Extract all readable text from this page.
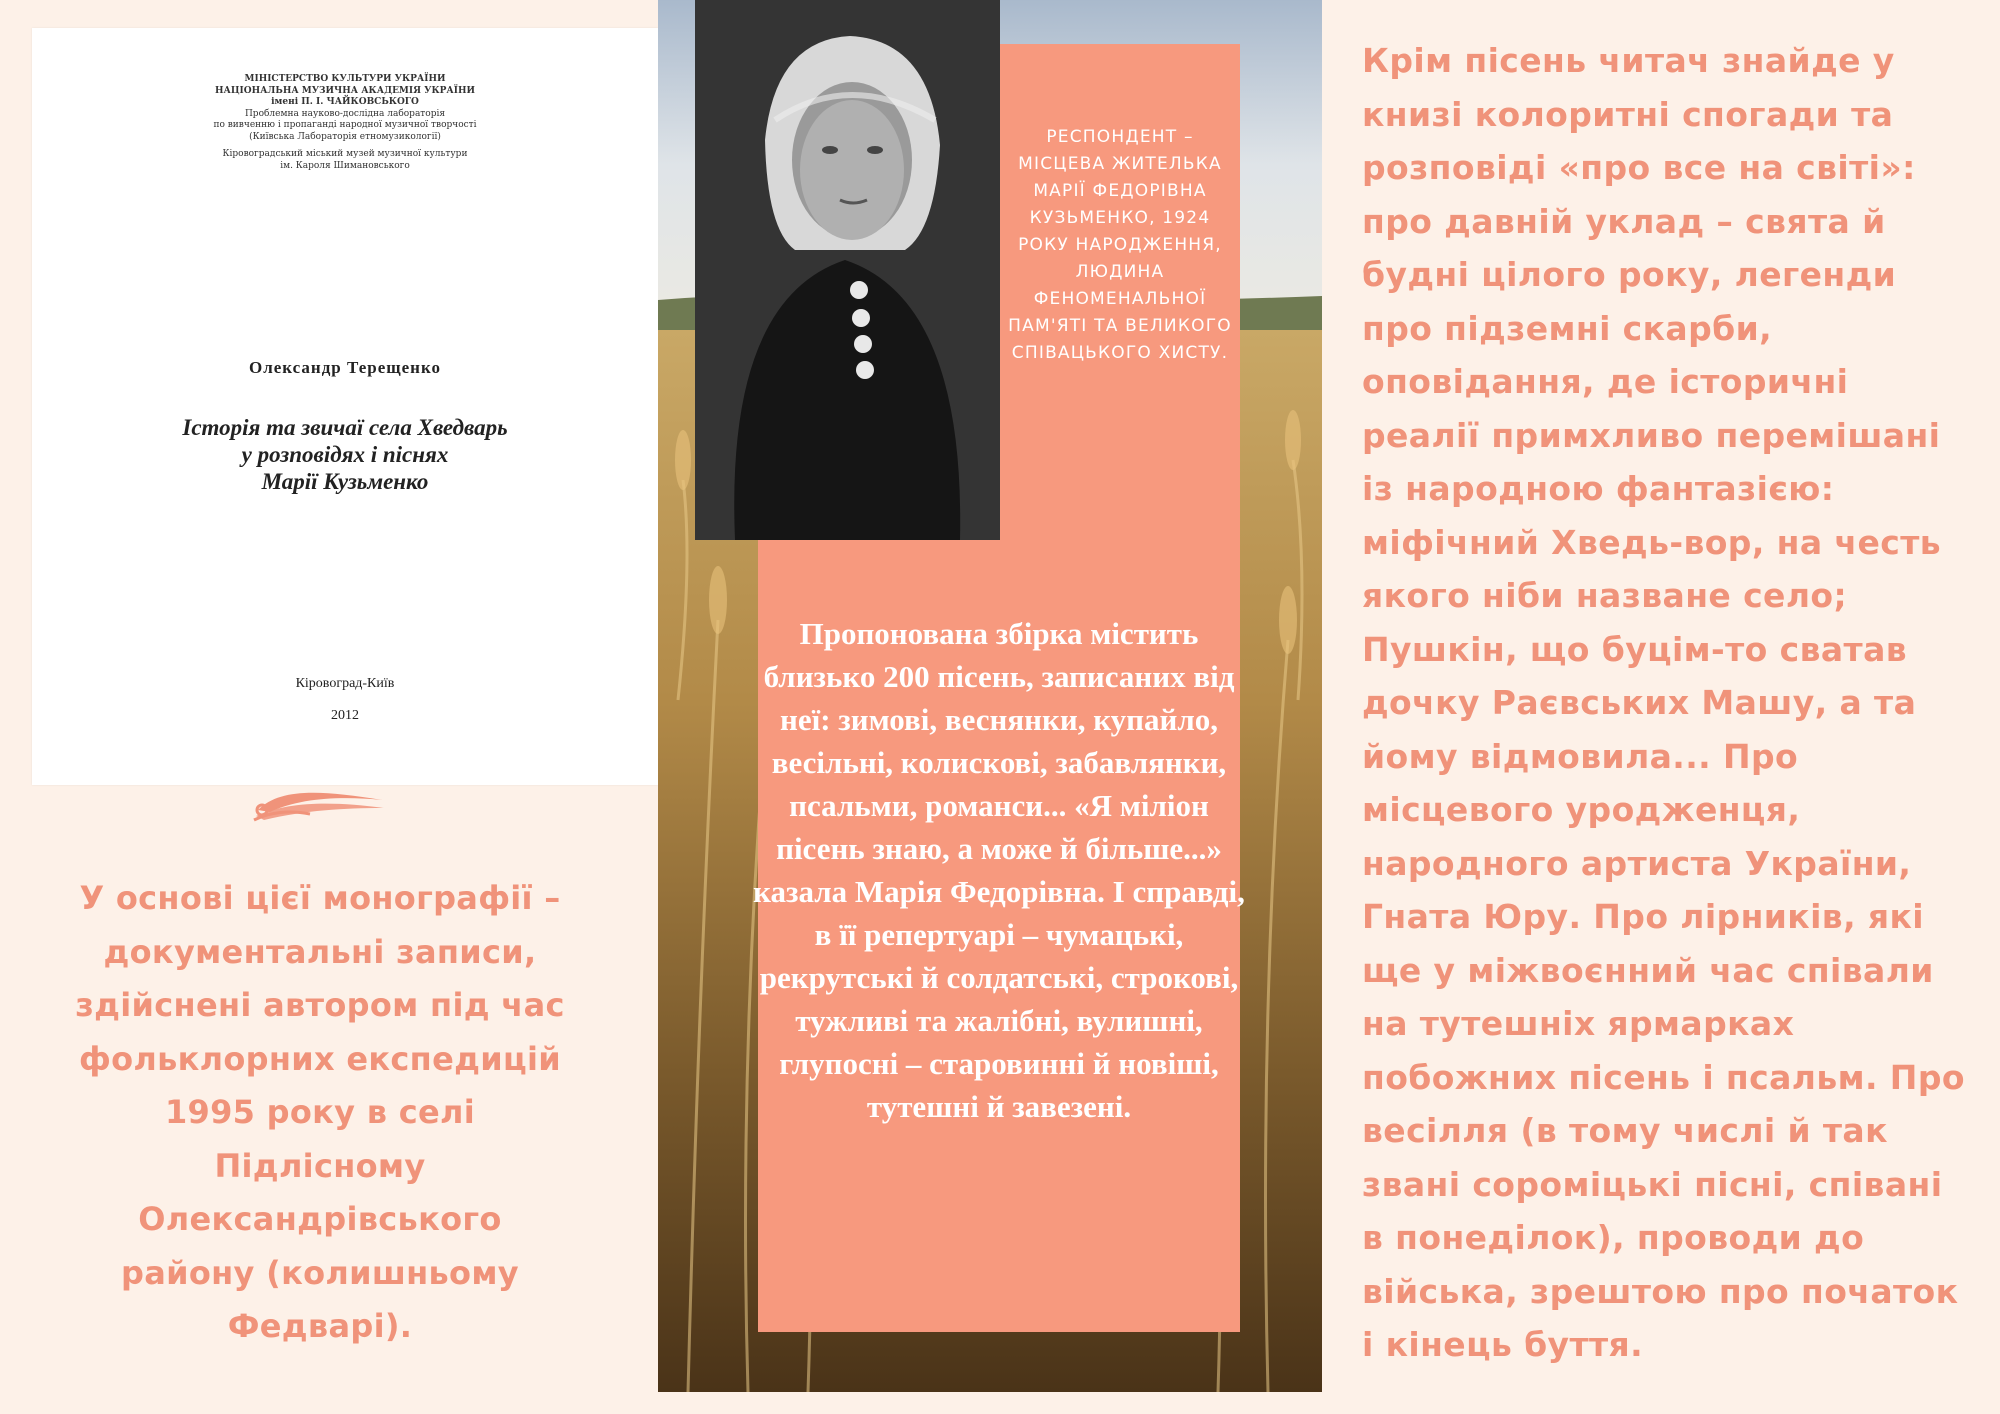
МІНІСТЕРСТВО КУЛЬТУРИ УКРАЇНИ
НАЦІОНАЛЬНА МУЗИЧНА АКАДЕМІЯ УКРАЇНИ
імені П. І. ЧАЙКОВСЬКОГО
Проблемна науково-дослідна лабораторія
по вивченню і пропаганді народної музичної творчості
(Київська Лабораторія етномузикології)
Кіровоградський міський музей музичної культури
ім. Кароля Шимановського
Олександр Терещенко
Історія та звичаї села Хведварь
у розповідях і піснях
Марії Кузьменко
Кіровоград-Київ
2012
У основі цієї монографії – документальні записи, здійснені автором під час фольклорних експедицій 1995 року в селі Підлісному Олександрівського району (колишньому Федварі).
РЕСПОНДЕНТ – МІСЦЕВА ЖИТЕЛЬКА МАРІЇ ФЕДОРІВНА КУЗЬМЕНКО, 1924 РОКУ НАРОДЖЕННЯ, ЛЮДИНА ФЕНОМЕНАЛЬНОЇ ПАМ'ЯТІ ТА ВЕЛИКОГО СПІВАЦЬКОГО ХИСТУ.
Пропонована збірка містить близько 200 пісень, записаних від неї: зимові, веснянки, купайло, весільні, колискові, забавлянки, псальми, романси... «Я міліон пісень знаю, а може й більше...» казала Марія Федорівна. І справді, в її репертуарі – чумацькі, рекрутські й солдатські, строкові, тужливі та жалібні, вулишні, глупосні – старовинні й новіші, тутешні й завезені.
Крім пісень читач знайде у книзі колоритні спогади та розповіді «про все на світі»: про давній уклад – свята й будні цілого року, легенди про підземні скарби, оповідання, де історичні реалії примхливо перемішані із народною фантазією: міфічний Хведь-вор, на честь якого ніби назване село; Пушкін, що буцім-то сватав дочку Раєвських Машу, а та йому відмовила... Про місцевого уродженця, народного артиста України, Гната Юру. Про лірників, які ще у міжвоєнний час співали на тутешніх ярмарках побожних пісень і псальм. Про весілля (в тому числі й так звані сороміцькі пісні, співані в понеділок), проводи до війська, зрештою про початок і кінець буття.
